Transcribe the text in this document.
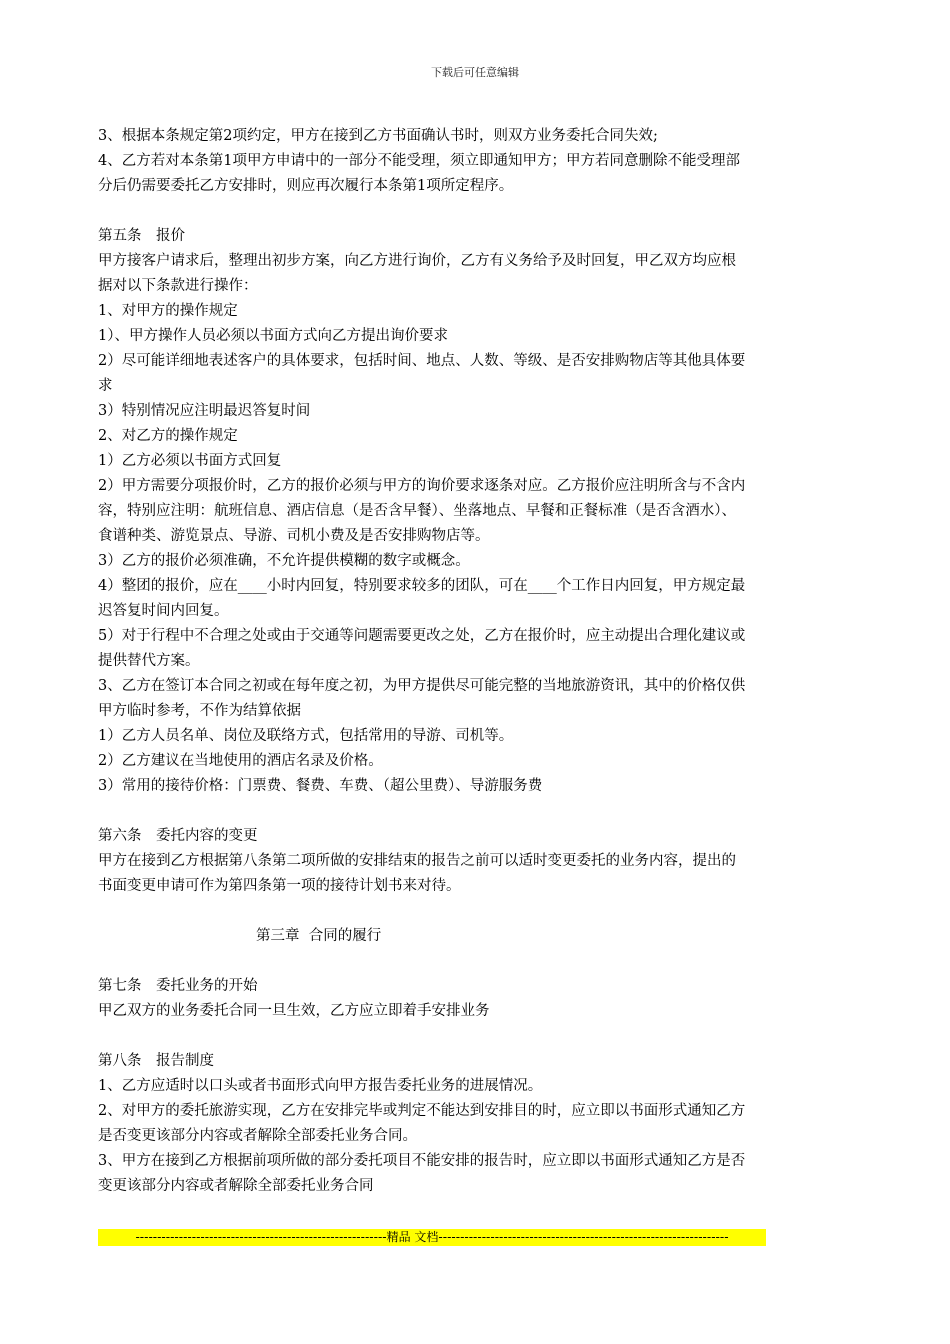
下载后可任意编辑

3、根据本条规定第2项约定，甲方在接到乙方书面确认书时，则双方业务委托合同失效;

4、乙方若对本条第1项甲方申请中的一部分不能受理，须立即通知甲方；甲方若同意删除不能受理部

分后仍需要委托乙方安排时，则应再次履行本条第1项所定程序。

第五条　报价

甲方接客户请求后，整理出初步方案，向乙方进行询价，乙方有义务给予及时回复，甲乙双方均应根

据对以下条款进行操作：

1、对甲方的操作规定

1）、甲方操作人员必须以书面方式向乙方提出询价要求

2）尽可能详细地表述客户的具体要求，包括时间、地点、人数、等级、是否安排购物店等其他具体要

求

3）特别情况应注明最迟答复时间

2、对乙方的操作规定

1）乙方必须以书面方式回复

2）甲方需要分项报价时，乙方的报价必须与甲方的询价要求逐条对应。乙方报价应注明所含与不含内

容，特别应注明：航班信息、酒店信息（是否含早餐）、坐落地点、早餐和正餐标准（是否含酒水）、

食谱种类、游览景点、导游、司机小费及是否安排购物店等。

3）乙方的报价必须准确，不允许提供模糊的数字或概念。

4）整团的报价，应在____小时内回复，特别要求较多的团队，可在____个工作日内回复，甲方规定最

迟答复时间内回复。

5）对于行程中不合理之处或由于交通等问题需要更改之处，乙方在报价时，应主动提出合理化建议或

提供替代方案。

3、乙方在签订本合同之初或在每年度之初，为甲方提供尽可能完整的当地旅游资讯，其中的价格仅供

甲方临时参考，不作为结算依据

1）乙方人员名单、岗位及联络方式，包括常用的导游、司机等。

2）乙方建议在当地使用的酒店名录及价格。

3）常用的接待价格：门票费、餐费、车费、（超公里费）、导游服务费

第六条　委托内容的变更

甲方在接到乙方根据第八条第二项所做的安排结束的报告之前可以适时变更委托的业务内容，提出的

书面变更申请可作为第四条第一项的接待计划书来对待。

第三章  合同的履行

第七条　委托业务的开始

甲乙双方的业务委托合同一旦生效，乙方应立即着手安排业务

第八条　报告制度

1、乙方应适时以口头或者书面形式向甲方报告委托业务的进展情况。

2、对甲方的委托旅游实现，乙方在安排完毕或判定不能达到安排目的时，应立即以书面形式通知乙方

是否变更该部分内容或者解除全部委托业务合同。

3、甲方在接到乙方根据前项所做的部分委托项目不能安排的报告时，应立即以书面形式通知乙方是否

变更该部分内容或者解除全部委托业务合同

----------------------------------------------------------精品 文档-------------------------------------------------------------------
